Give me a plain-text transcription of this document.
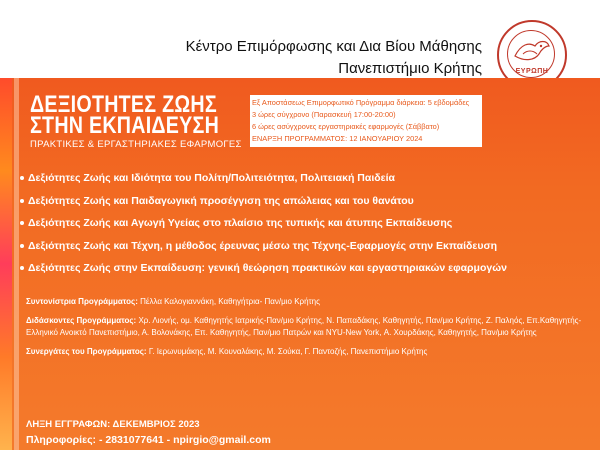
Κέντρο Επιμόρφωσης και Δια Βίου Μάθησης
Πανεπιστήμιο Κρήτης	ΕΥΡΩΠΗ
ΔΕΞΙΟΤΗΤΕΣ ΖΩΗΣ
ΣΤΗΝ ΕΚΠΑΙΔΕΥΣΗ
ΠΡΑΚΤΙΚΕΣ & ΕΡΓΑΣΤΗΡΙΑΚΕΣ ΕΦΑΡΜΟΓΕΣ
Εξ Αποστάσεως Επιμορφωτικό Πρόγραμμα διάρκεια: 5 εβδομάδες
3 ώρες σύγχρονο (Παρασκευή 17:00-20:00)
6 ώρες ασύγχρονες εργαστηριακές εφαρμογές (Σάββατο)
ΕΝΑΡΞΗ ΠΡΟΓΡΑΜΜΑΤΟΣ: 12 ΙΑΝΟΥΑΡΙΟΥ 2024
Δεξιότητες Ζωής και Ιδιότητα του Πολίτη/Πολιτειότητα, Πολιτειακή Παιδεία
Δεξιότητες Ζωής και Παιδαγωγική προσέγγιση της απώλειας και του θανάτου
Δεξιότητες Ζωής και Αγωγή Υγείας στο πλαίσιο της τυπικής και άτυπης Εκπαίδευσης
Δεξιότητες Ζωής και Τέχνη, η μέθοδος έρευνας μέσω της Τέχνης-Εφαρμογές στην Εκπαίδευση
Δεξιότητες Ζωής στην Εκπαίδευση: γενική θεώρηση πρακτικών και εργαστηριακών εφαρμογών

Συντονίστρια Προγράμματος: Πέλλα Καλογιαννάκη, Καθηγήτρια- Παν/μιο Κρήτης

Διδάσκοντες Προγράμματος: Χρ. Λιονής, ομ. Καθηγητής Ιατρικής-Παν/μιο Κρήτης, Ν. Παπαδάκης, Καθηγητής, Παν/μιο Κρήτης, Ζ. Παληός, Επ.Καθηγητής- Ελληνικό Ανοικτό Πανεπιστήμιο, Α. Βολονάκης, Επ. Καθηγητής, Παν/μιο Πατρών και NYU-New York, Α. Χουρδάκης, Καθηγητής, Παν/μιο Κρήτης

Συνεργάτες του Προγράμματος: Γ. Ιερωνυμάκης, Μ. Κουναλάκης, Μ. Σούκα, Γ. Παντοζής, Πανεπιστήμιο Κρήτης

ΛΗΞΗ ΕΓΓΡΑΦΩΝ: ΔΕΚΕΜΒΡΙΟΣ 2023
Πληροφορίες: - 2831077641 - npirgio@gmail.com
